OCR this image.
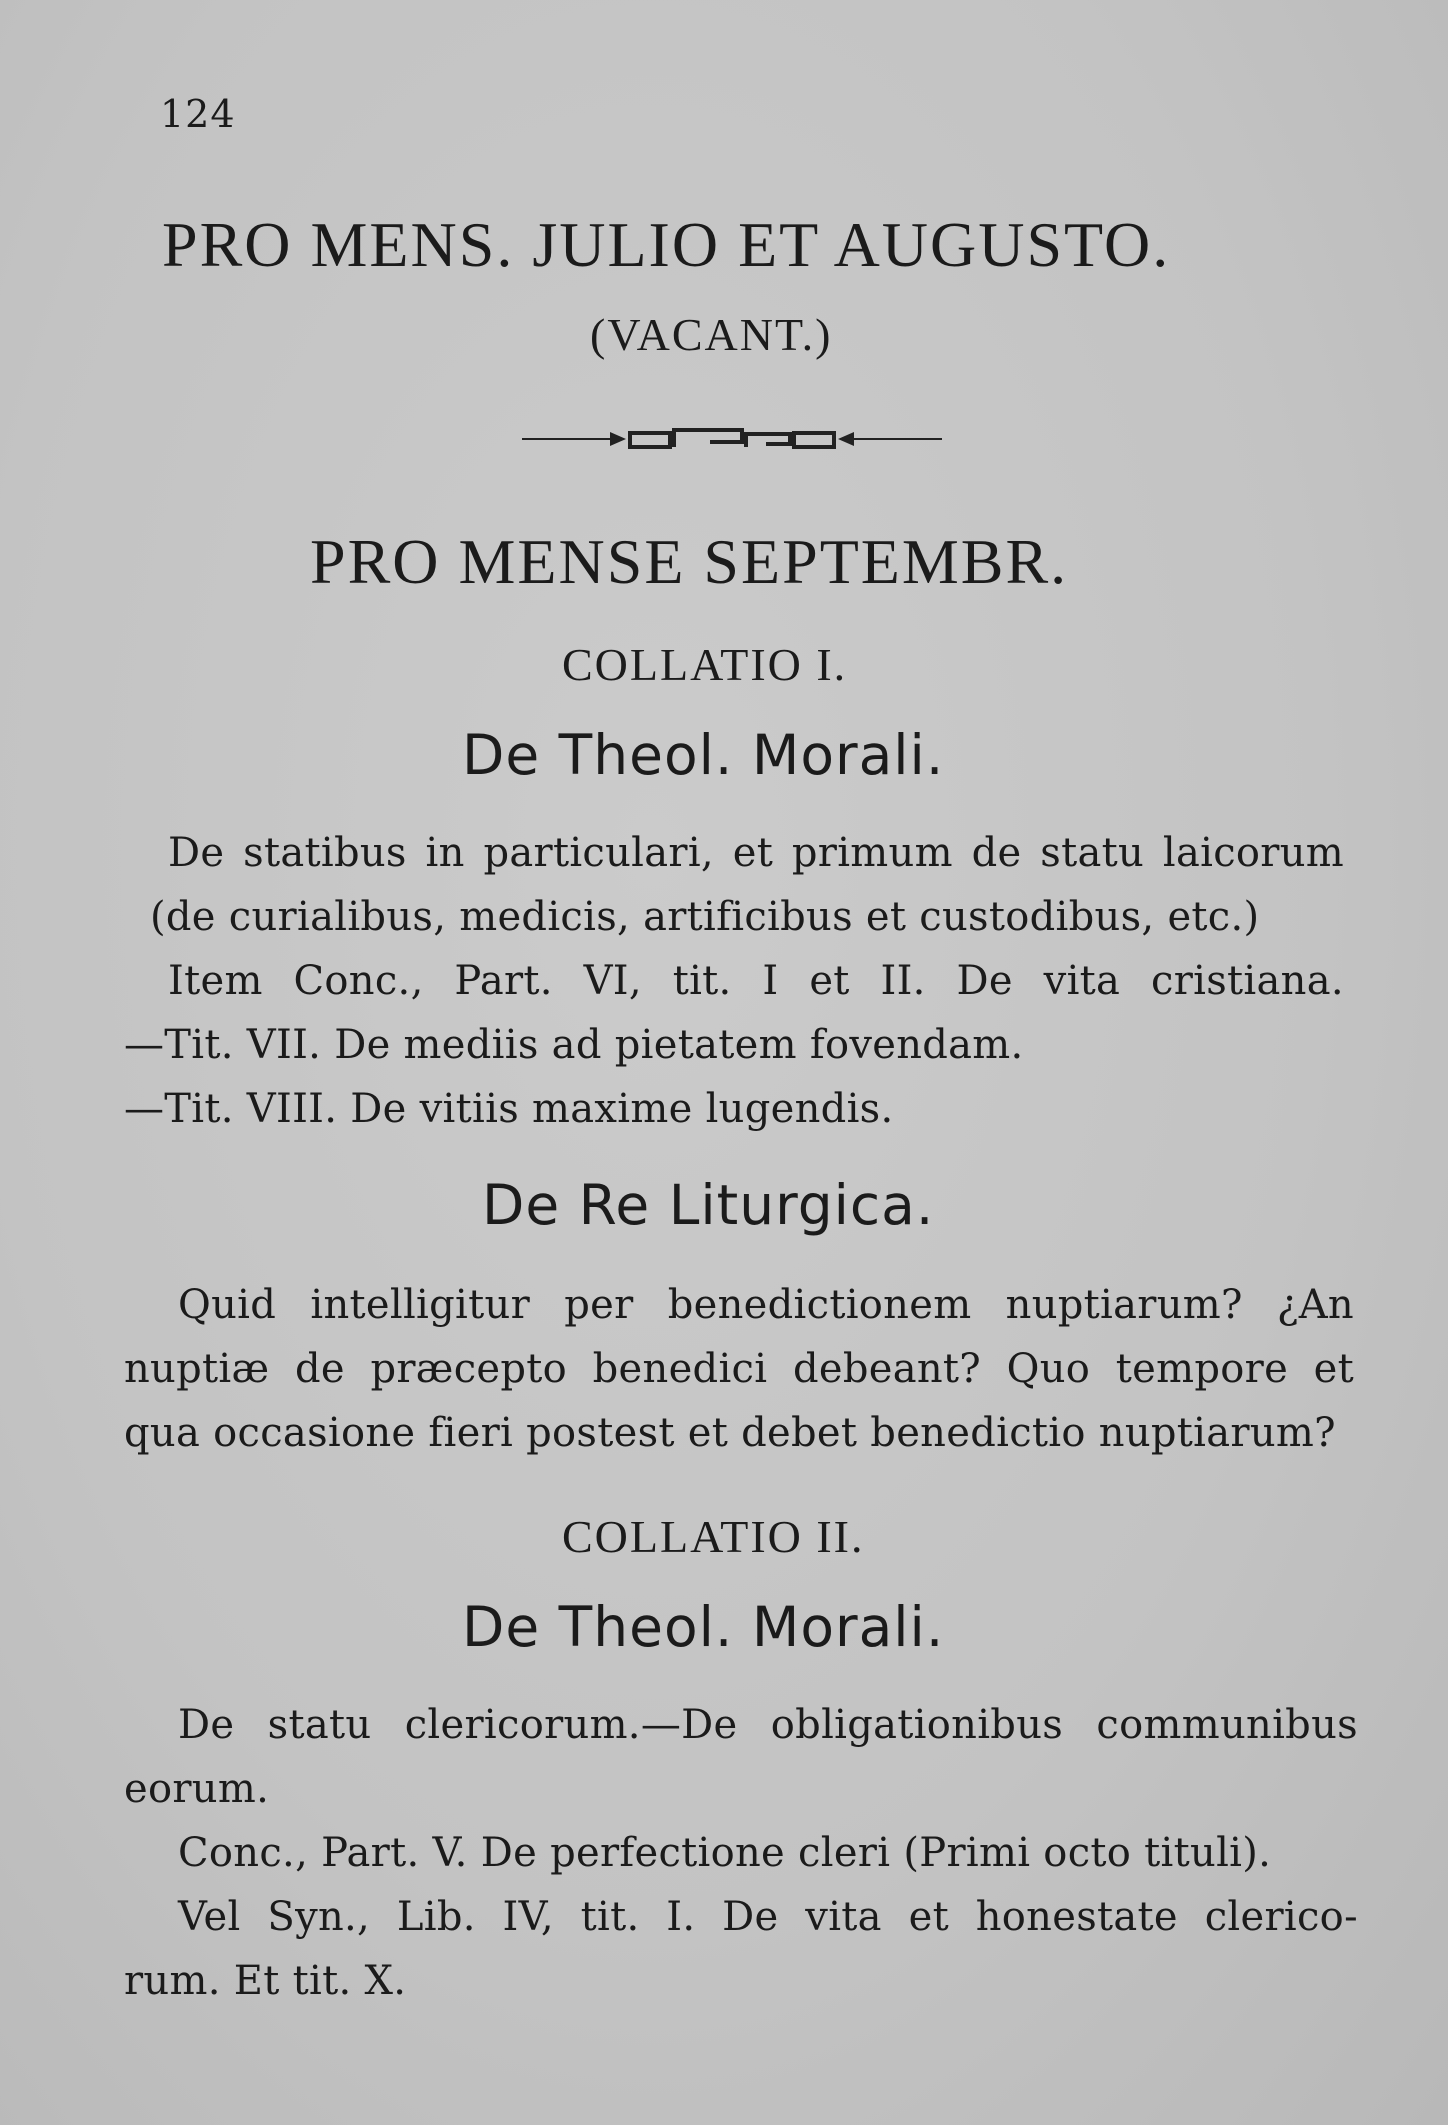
124
PRO MENS. JULIO ET AUGUSTO.
(VACANT.)
PRO MENSE SEPTEMBR.
COLLATIO I.
De Theol. Morali.
De statibus in particulari, et primum de statu laicorum
(de curialibus, medicis, artificibus et custodibus, etc.)
Item Conc., Part. VI, tit. I et II. De vita cristiana.
—Tit. VII. De mediis ad pietatem fovendam.
—Tit. VIII. De vitiis maxime lugendis.
De Re Liturgica.
Quid intelligitur per benedictionem nuptiarum? ¿An
nuptiæ de præcepto benedici debeant? Quo tempore et
qua occasione fieri postest et debet benedictio nuptiarum?
COLLATIO II.
De Theol. Morali.
De statu clericorum.—De obligationibus communibus
eorum.
Conc., Part. V. De perfectione cleri (Primi octo tituli).
Vel Syn., Lib. IV, tit. I. De vita et honestate clerico-
rum. Et tit. X.
